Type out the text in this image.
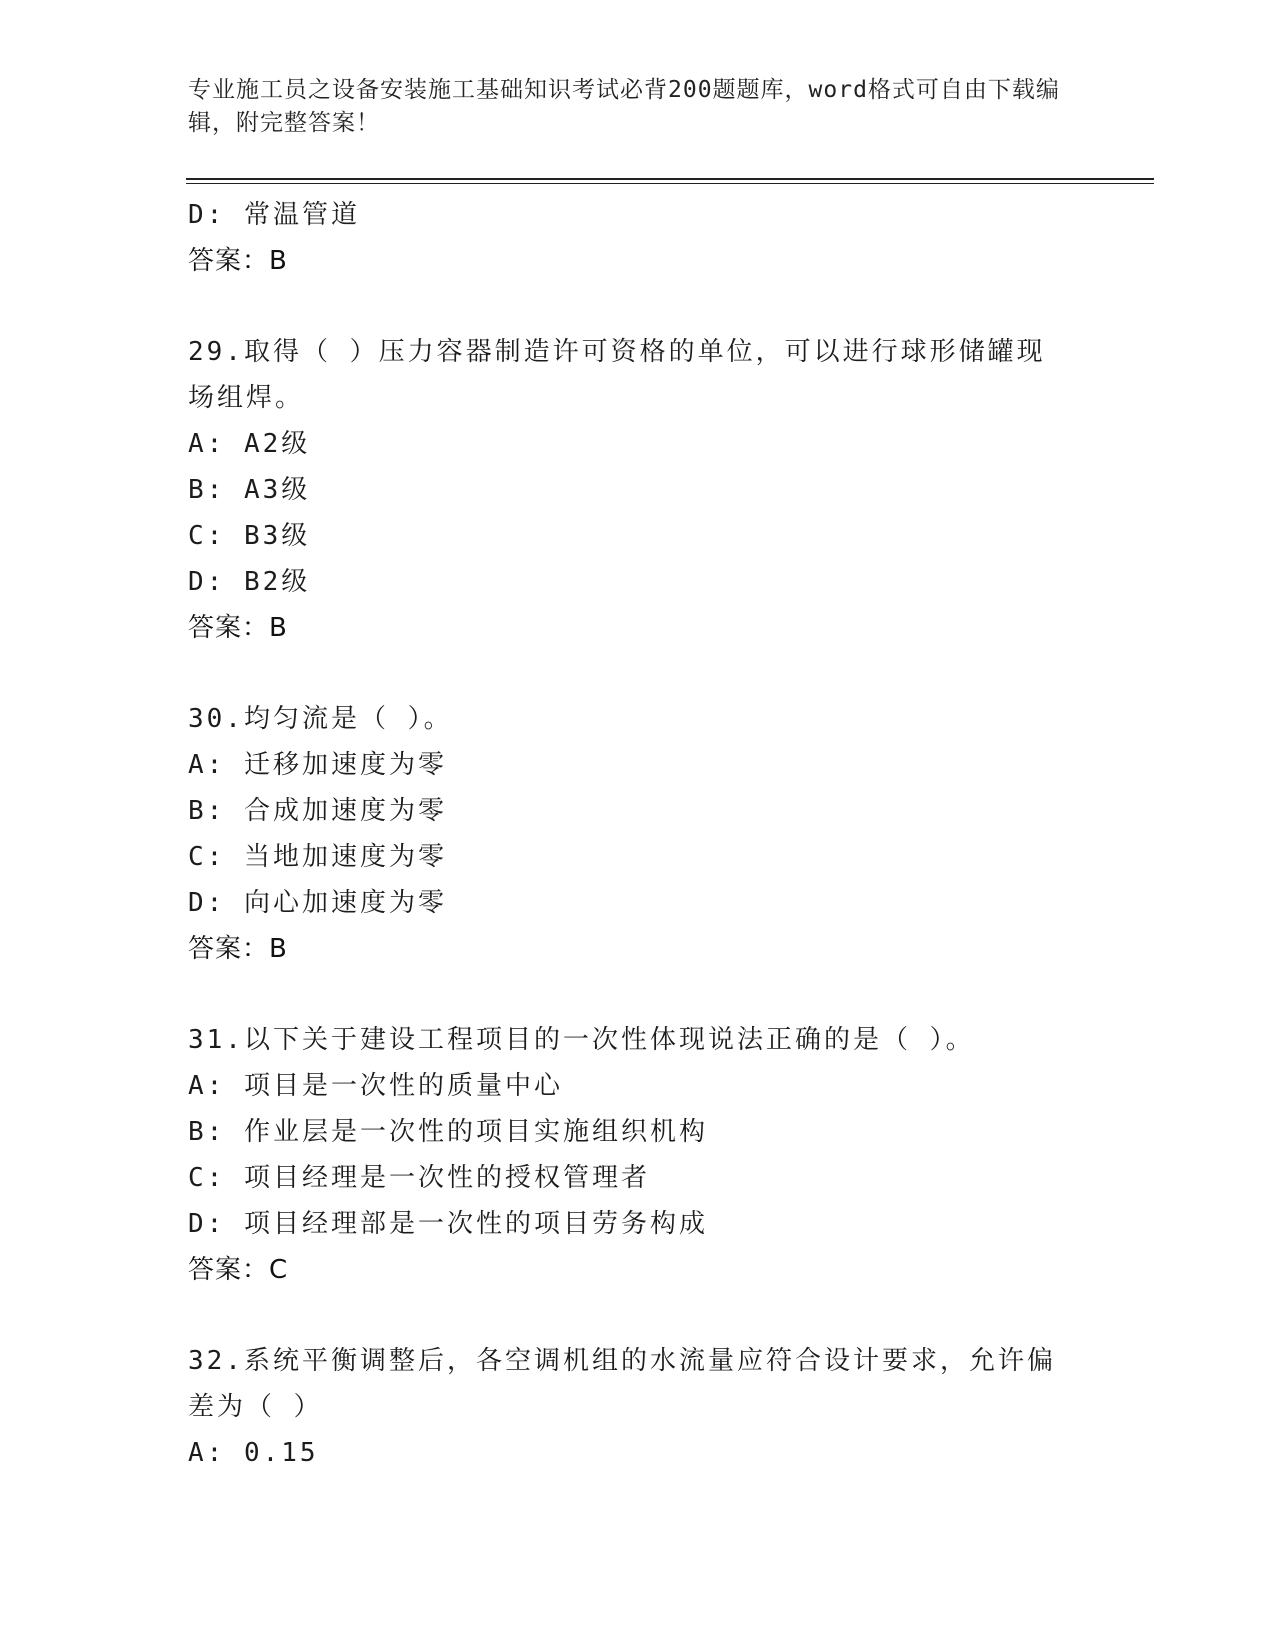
专业施工员之设备安装施工基础知识考试必背200题题库，word格式可自由下载编辑，附完整答案！
D: 常温管道
答案：B
29.取得（ ）压力容器制造许可资格的单位，可以进行球形储罐现场组焊。
A: A2级
B: A3级
C: B3级
D: B2级
答案：B
30.均匀流是（ ）。
A: 迁移加速度为零
B: 合成加速度为零
C: 当地加速度为零
D: 向心加速度为零
答案：B
31.以下关于建设工程项目的一次性体现说法正确的是（ ）。
A: 项目是一次性的质量中心
B: 作业层是一次性的项目实施组织机构
C: 项目经理是一次性的授权管理者
D: 项目经理部是一次性的项目劳务构成
答案：C
32.系统平衡调整后，各空调机组的水流量应符合设计要求，允许偏差为（ ）
A: 0.15
